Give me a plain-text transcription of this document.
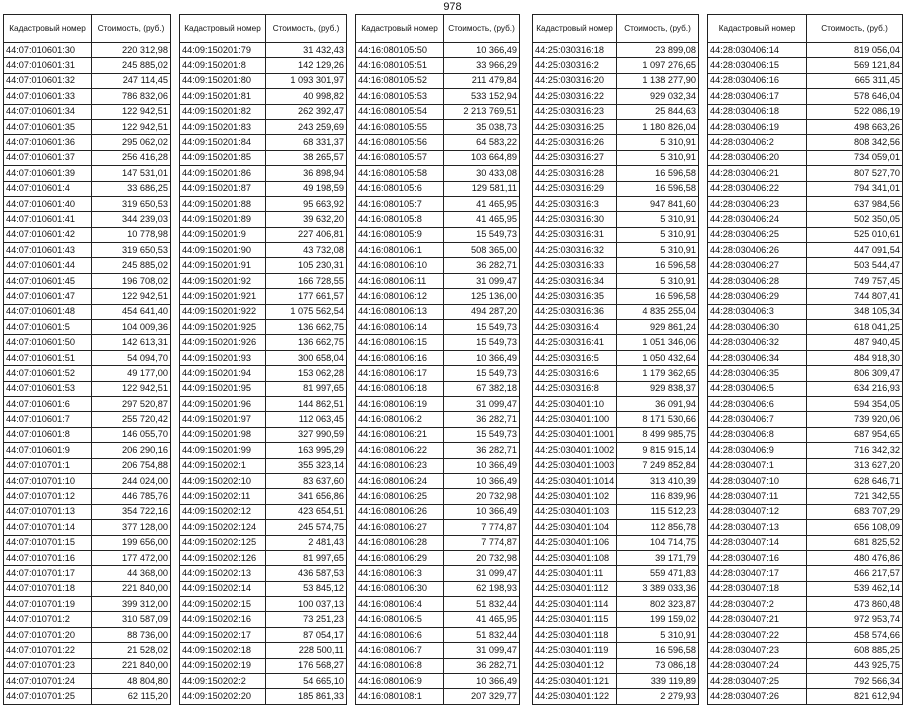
978
Кадастровый номер	Стоимость, (руб.)
44:07:010601:30	220 312,98
44:07:010601:31	245 885,02
44:07:010601:32	247 114,45
44:07:010601:33	786 832,06
44:07:010601:34	122 942,51
44:07:010601:35	122 942,51
44:07:010601:36	295 062,02
44:07:010601:37	256 416,28
44:07:010601:39	147 531,01
44:07:010601:4	33 686,25
44:07:010601:40	319 650,53
44:07:010601:41	344 239,03
44:07:010601:42	10 778,98
44:07:010601:43	319 650,53
44:07:010601:44	245 885,02
44:07:010601:45	196 708,02
44:07:010601:47	122 942,51
44:07:010601:48	454 641,40
44:07:010601:5	104 009,36
44:07:010601:50	142 613,31
44:07:010601:51	54 094,70
44:07:010601:52	49 177,00
44:07:010601:53	122 942,51
44:07:010601:6	297 520,87
44:07:010601:7	255 720,42
44:07:010601:8	146 055,70
44:07:010601:9	206 290,16
44:07:010701:1	206 754,88
44:07:010701:10	244 024,00
44:07:010701:12	446 785,76
44:07:010701:13	354 722,16
44:07:010701:14	377 128,00
44:07:010701:15	199 656,00
44:07:010701:16	177 472,00
44:07:010701:17	44 368,00
44:07:010701:18	221 840,00
44:07:010701:19	399 312,00
44:07:010701:2	310 587,09
44:07:010701:20	88 736,00
44:07:010701:22	21 528,02
44:07:010701:23	221 840,00
44:07:010701:24	48 804,80
44:07:010701:25	62 115,20
Кадастровый номер	Стоимость, (руб.)
44:09:150201:79	31 432,43
44:09:150201:8	142 129,26
44:09:150201:80	1 093 301,97
44:09:150201:81	40 998,82
44:09:150201:82	262 392,47
44:09:150201:83	243 259,69
44:09:150201:84	68 331,37
44:09:150201:85	38 265,57
44:09:150201:86	36 898,94
44:09:150201:87	49 198,59
44:09:150201:88	95 663,92
44:09:150201:89	39 632,20
44:09:150201:9	227 406,81
44:09:150201:90	43 732,08
44:09:150201:91	105 230,31
44:09:150201:92	166 728,55
44:09:150201:921	177 661,57
44:09:150201:922	1 075 562,54
44:09:150201:925	136 662,75
44:09:150201:926	136 662,75
44:09:150201:93	300 658,04
44:09:150201:94	153 062,28
44:09:150201:95	81 997,65
44:09:150201:96	144 862,51
44:09:150201:97	112 063,45
44:09:150201:98	327 990,59
44:09:150201:99	163 995,29
44:09:150202:1	355 323,14
44:09:150202:10	83 637,60
44:09:150202:11	341 656,86
44:09:150202:12	423 654,51
44:09:150202:124	245 574,75
44:09:150202:125	2 481,43
44:09:150202:126	81 997,65
44:09:150202:13	436 587,53
44:09:150202:14	53 845,12
44:09:150202:15	100 037,13
44:09:150202:16	73 251,23
44:09:150202:17	87 054,17
44:09:150202:18	228 500,11
44:09:150202:19	176 568,27
44:09:150202:2	54 665,10
44:09:150202:20	185 861,33
Кадастровый номер	Стоимость, (руб.)
44:16:080105:50	10 366,49
44:16:080105:51	33 966,29
44:16:080105:52	211 479,84
44:16:080105:53	533 152,94
44:16:080105:54	2 213 769,51
44:16:080105:55	35 038,73
44:16:080105:56	64 583,22
44:16:080105:57	103 664,89
44:16:080105:58	30 433,08
44:16:080105:6	129 581,11
44:16:080105:7	41 465,95
44:16:080105:8	41 465,95
44:16:080105:9	15 549,73
44:16:080106:1	508 365,00
44:16:080106:10	36 282,71
44:16:080106:11	31 099,47
44:16:080106:12	125 136,00
44:16:080106:13	494 287,20
44:16:080106:14	15 549,73
44:16:080106:15	15 549,73
44:16:080106:16	10 366,49
44:16:080106:17	15 549,73
44:16:080106:18	67 382,18
44:16:080106:19	31 099,47
44:16:080106:2	36 282,71
44:16:080106:21	15 549,73
44:16:080106:22	36 282,71
44:16:080106:23	10 366,49
44:16:080106:24	10 366,49
44:16:080106:25	20 732,98
44:16:080106:26	10 366,49
44:16:080106:27	7 774,87
44:16:080106:28	7 774,87
44:16:080106:29	20 732,98
44:16:080106:3	31 099,47
44:16:080106:30	62 198,93
44:16:080106:4	51 832,44
44:16:080106:5	41 465,95
44:16:080106:6	51 832,44
44:16:080106:7	31 099,47
44:16:080106:8	36 282,71
44:16:080106:9	10 366,49
44:16:080108:1	207 329,77
Кадастровый номер	Стоимость, (руб.)
44:25:030316:18	23 899,08
44:25:030316:2	1 097 276,65
44:25:030316:20	1 138 277,90
44:25:030316:22	929 032,34
44:25:030316:23	25 844,63
44:25:030316:25	1 180 826,04
44:25:030316:26	5 310,91
44:25:030316:27	5 310,91
44:25:030316:28	16 596,58
44:25:030316:29	16 596,58
44:25:030316:3	947 841,60
44:25:030316:30	5 310,91
44:25:030316:31	5 310,91
44:25:030316:32	5 310,91
44:25:030316:33	16 596,58
44:25:030316:34	5 310,91
44:25:030316:35	16 596,58
44:25:030316:36	4 835 255,04
44:25:030316:4	929 861,24
44:25:030316:41	1 051 346,06
44:25:030316:5	1 050 432,64
44:25:030316:6	1 179 362,65
44:25:030316:8	929 838,37
44:25:030401:10	36 091,94
44:25:030401:100	8 171 530,66
44:25:030401:1001	8 499 985,75
44:25:030401:1002	9 815 915,14
44:25:030401:1003	7 249 852,84
44:25:030401:1014	313 410,39
44:25:030401:102	116 839,96
44:25:030401:103	115 512,23
44:25:030401:104	112 856,78
44:25:030401:106	104 714,75
44:25:030401:108	39 171,79
44:25:030401:11	559 471,83
44:25:030401:112	3 389 033,36
44:25:030401:114	802 323,87
44:25:030401:115	199 159,02
44:25:030401:118	5 310,91
44:25:030401:119	16 596,58
44:25:030401:12	73 086,18
44:25:030401:121	339 119,89
44:25:030401:122	2 279,93
Кадастровый номер	Стоимость, (руб.)
44:28:030406:14	819 056,04
44:28:030406:15	569 121,84
44:28:030406:16	665 311,45
44:28:030406:17	578 646,04
44:28:030406:18	522 086,19
44:28:030406:19	498 663,26
44:28:030406:2	808 342,56
44:28:030406:20	734 059,01
44:28:030406:21	807 527,70
44:28:030406:22	794 341,01
44:28:030406:23	637 984,56
44:28:030406:24	502 350,05
44:28:030406:25	525 010,61
44:28:030406:26	447 091,54
44:28:030406:27	503 544,47
44:28:030406:28	749 757,45
44:28:030406:29	744 807,41
44:28:030406:3	348 105,34
44:28:030406:30	618 041,25
44:28:030406:32	487 940,45
44:28:030406:34	484 918,30
44:28:030406:35	806 309,47
44:28:030406:5	634 216,93
44:28:030406:6	594 354,05
44:28:030406:7	739 920,06
44:28:030406:8	687 954,65
44:28:030406:9	716 342,32
44:28:030407:1	313 627,20
44:28:030407:10	628 646,71
44:28:030407:11	721 342,55
44:28:030407:12	683 707,29
44:28:030407:13	656 108,09
44:28:030407:14	681 825,52
44:28:030407:16	480 476,86
44:28:030407:17	466 217,57
44:28:030407:18	539 462,14
44:28:030407:2	473 860,48
44:28:030407:21	972 953,74
44:28:030407:22	458 574,66
44:28:030407:23	608 885,25
44:28:030407:24	443 925,75
44:28:030407:25	792 566,34
44:28:030407:26	821 612,94
